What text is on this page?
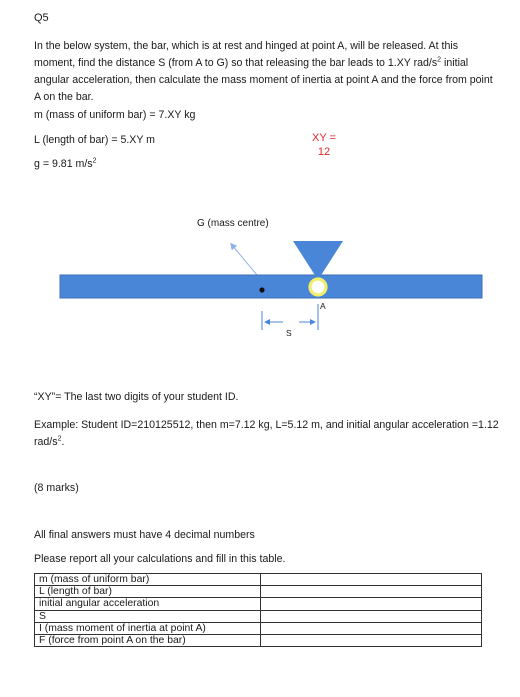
Q5
In the below system, the bar, which is at rest and hinged at point A, will be released. At this moment, find the distance S (from A to G) so that releasing the bar leads to 1.XY rad/$s^2$ initial angular acceleration, then calculate the mass moment of inertia at point A and the force from point A on the bar.
m (mass of uniform bar) = 7.XY kg
L (length of bar) = 5.XY m
g = 9.81 $m/s^2$
XY =
12
G (mass centre)
A
S
“XY”= The last two digits of your student ID.
Example: Student ID=210125512, then m=7.12 kg, L=5.12 m, and initial angular acceleration =1.12 rad/$s^2$.
(8 marks)
All final answers must have 4 decimal numbers
Please report all your calculations and fill in this table.
m (mass of uniform bar)
L (length of bar)
initial angular acceleration
S
I (mass moment of inertia at point A)
F (force from point A on the bar)
